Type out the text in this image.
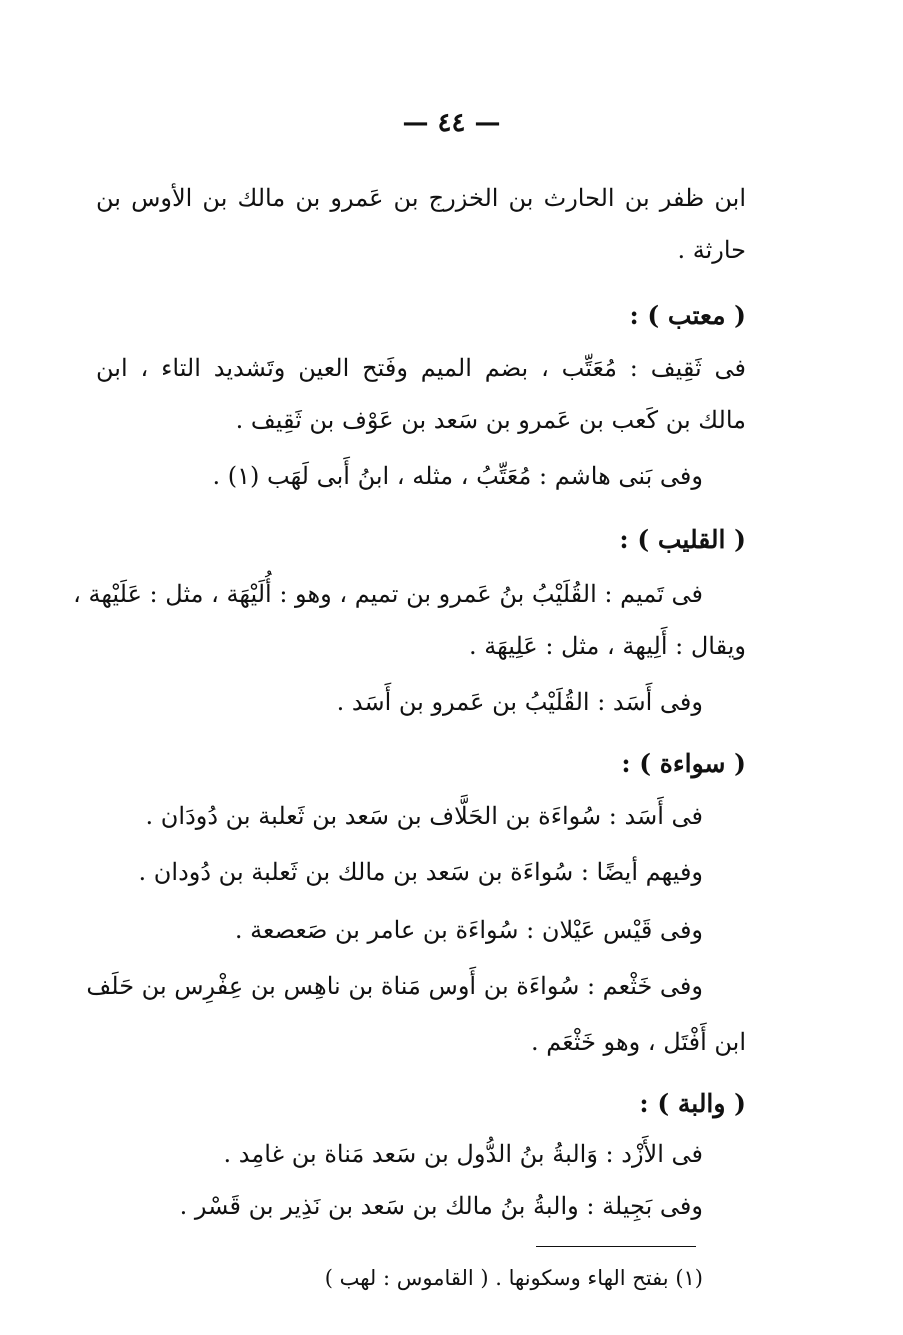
— ٤٤ —
ابن ظفر بن الحارث بن الخزرج بن عَمرو بن مالك بن الأوس بن
حارثة .
( معتب ) :
فى ثَقِيف : مُعَتِّب ، بضم الميم وفَتح العين وتَشديد التاء ، ابن
مالك بن كَعب بن عَمرو بن سَعد بن عَوْف بن ثَقِيف .
وفى بَنى هاشم : مُعَتِّبُ ، مثله ، ابنُ أَبى لَهَب (١) .
( القليب ) :
فى تَميم : القُلَيْبُ بنُ عَمرو بن تميم ، وهو : أُلَيْهَة ، مثل : عَلَيْهة ،
ويقال : أَلِيهة ، مثل : عَلِيهَة .
وفى أَسَد : القُلَيْبُ بن عَمرو بن أَسَد .
( سواءة ) :
فى أَسَد : سُواءَة بن الحَلَّاف بن سَعد بن ثَعلبة بن دُودَان .
وفيهم أيضًا : سُواءَة بن سَعد بن مالك بن ثَعلبة بن دُودان .
وفى قَيْس عَيْلان : سُواءَة بن عامر بن صَعصعة .
وفى خَثْعم : سُواءَة بن أَوس مَناة بن ناهِس بن عِفْرِس بن حَلَف
ابن أَفْتَل ، وهو خَثْعَم .
( والبة ) :
فى الأَزْد : وَالبةُ بنُ الدُّول بن سَعد مَناة بن غامِد .
وفى بَجِيلة : والبةُ بنُ مالك بن سَعد بن نَذِير بن قَسْر .
(١) بفتح الهاء وسكونها . ( القاموس : لهب )
